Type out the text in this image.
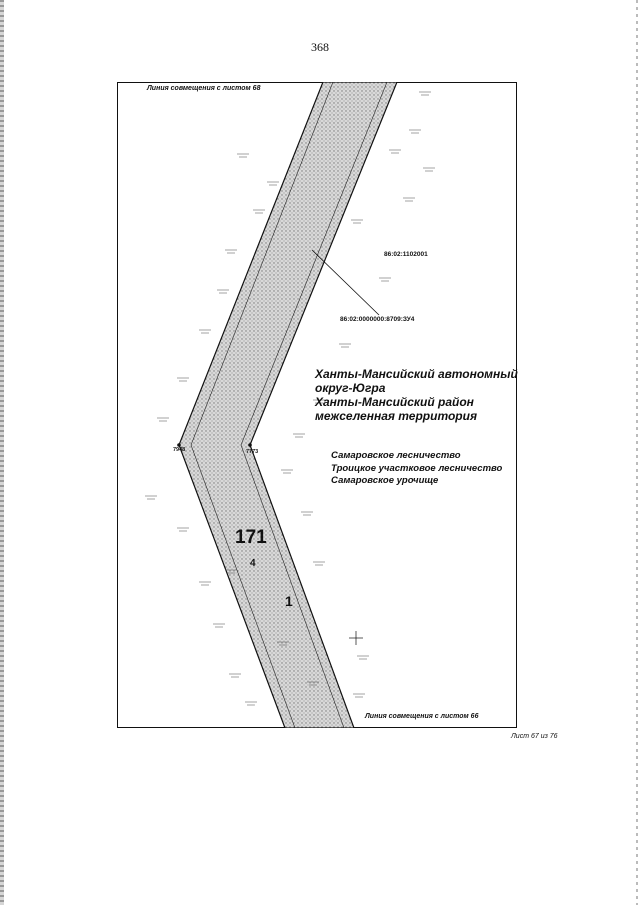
368
Линия совмещения с листом 68
Линия совмещения с листом 66
86:02:1102001
86:02:0000000:8709:ЗУ4
Ханты-Мансийский автономный
округ-Югра
Ханты-Мансийский район
межселенная территория
Самаровское лесничество
Троицкое участковое лесничество
Самаровское урочище
7948	7773
171
4
1
Лист 67 из 76
